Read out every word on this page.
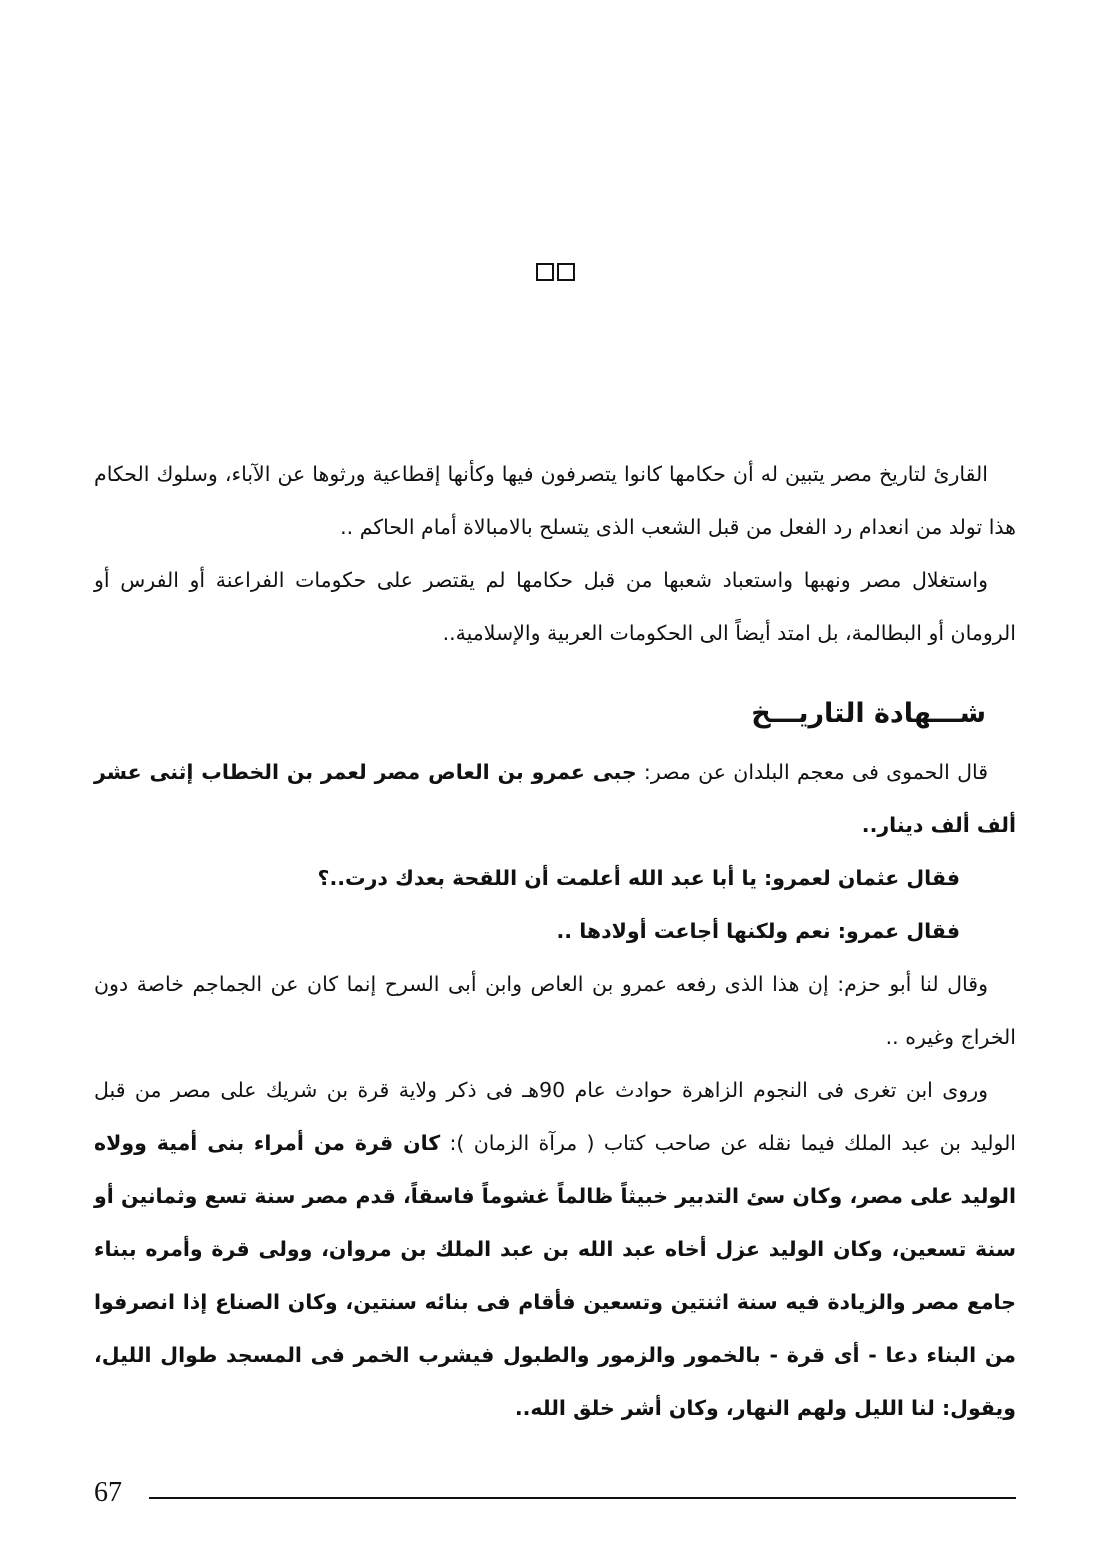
القارئ لتاريخ مصر يتبين له أن حكامها كانوا يتصرفون فيها وكأنها إقطاعية ورثوها عن الآباء، وسلوك الحكام هذا تولد من انعدام رد الفعل من قبل الشعب الذى يتسلح بالامبالاة أمام الحاكم ..

واستغلال مصر ونهبها واستعباد شعبها من قبل حكامها لم يقتصر على حكومات الفراعنة أو الفرس أو الرومان أو البطالمة، بل امتد أيضاً الى الحكومات العربية والإسلامية..

شـــهادة التاريـــخ

قال الحموى فى معجم البلدان عن مصر: جبى عمرو بن العاص مصر لعمر بن الخطاب إثنى عشر ألف ألف دينار..

فقال عثمان لعمرو: يا أبا عبد الله أعلمت أن اللقحة بعدك درت..؟

فقال عمرو: نعم ولكنها أجاعت أولادها ..

وقال لنا أبو حزم: إن هذا الذى رفعه عمرو بن العاص وابن أبى السرح إنما كان عن الجماجم خاصة دون الخراج وغيره ..

وروى ابن تغرى فى النجوم الزاهرة حوادث عام 90هـ فى ذكر ولاية قرة بن شريك على مصر من قبل الوليد بن عبد الملك فيما نقله عن صاحب كتاب ( مرآة الزمان ): كان قرة من أمراء بنى أمية وولاه الوليد على مصر، وكان سئ التدبير خبيثاً ظالماً غشوماً فاسقاً، قدم مصر سنة تسع وثمانين أو سنة تسعين، وكان الوليد عزل أخاه عبد الله بن عبد الملك بن مروان، وولى قرة وأمره ببناء جامع مصر والزيادة فيه سنة اثنتين وتسعين فأقام فى بنائه سنتين، وكان الصناع إذا انصرفوا من البناء دعا - أى قرة - بالخمور والزمور والطبول فيشرب الخمر فى المسجد طوال الليل، ويقول: لنا الليل ولهم النهار، وكان أشر خلق الله..

67
